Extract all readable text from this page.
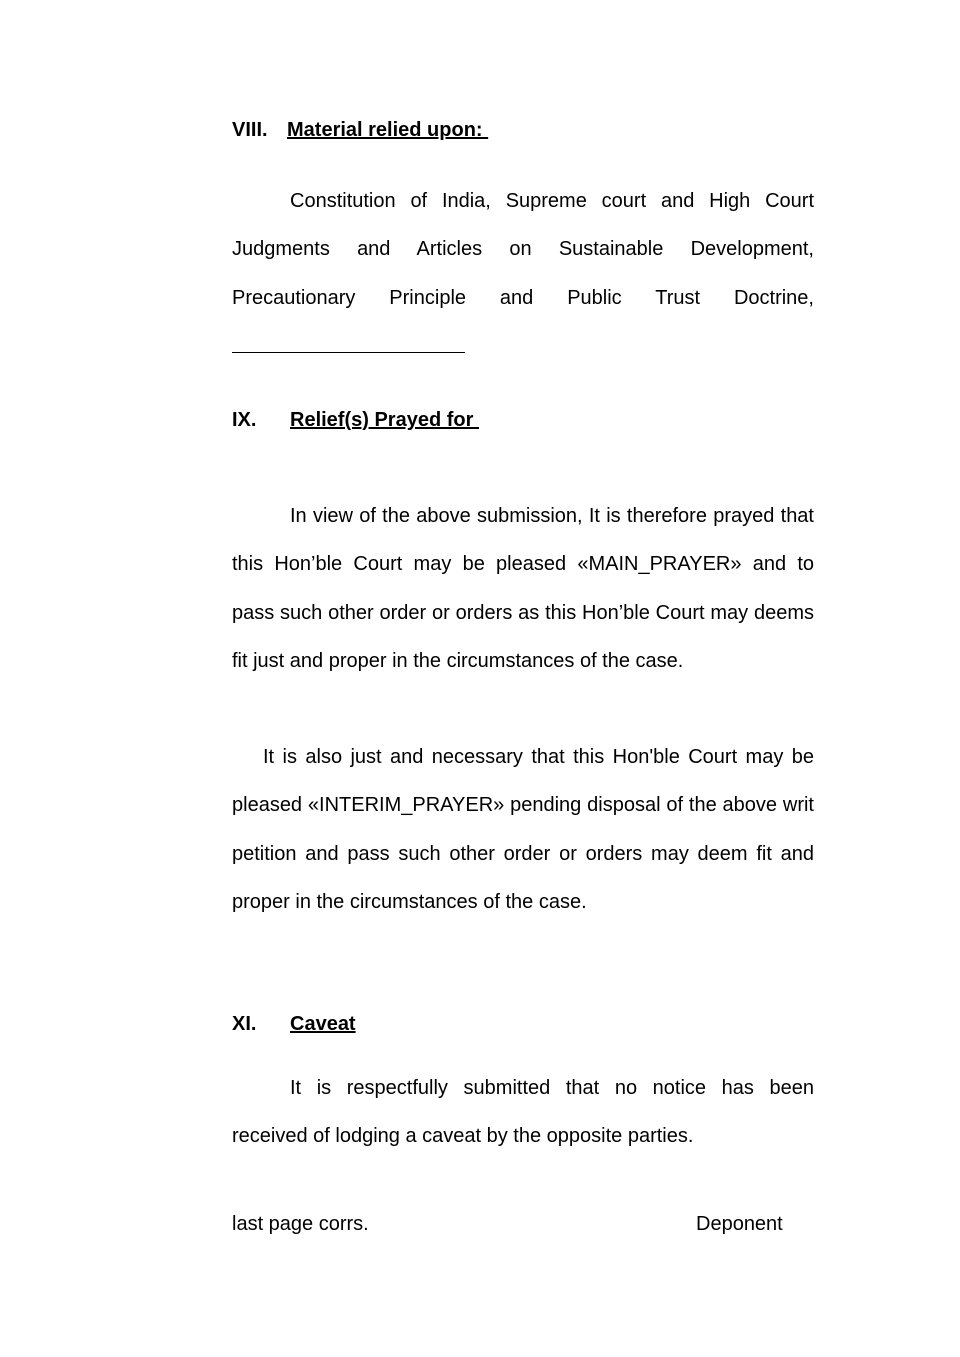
VIII. Material relied upon:
Constitution of India, Supreme court and High Court Judgments and Articles on Sustainable Development, Precautionary Principle and Public Trust Doctrine,
IX. Relief(s) Prayed for
In view of the above submission, It is therefore prayed that this Hon’ble Court may be pleased «MAIN_PRAYER» and to pass such other order or orders as this Hon’ble Court may deems fit just and proper in the circumstances of the case.
It is also just and necessary that this Hon'ble Court may be pleased «INTERIM_PRAYER» pending disposal of the above writ petition and pass such other order or orders may deem fit and proper in the circumstances of the case.
XI. Caveat
It is respectfully submitted that no notice has been received of lodging a caveat by the opposite parties.
last page corrs.	Deponent
